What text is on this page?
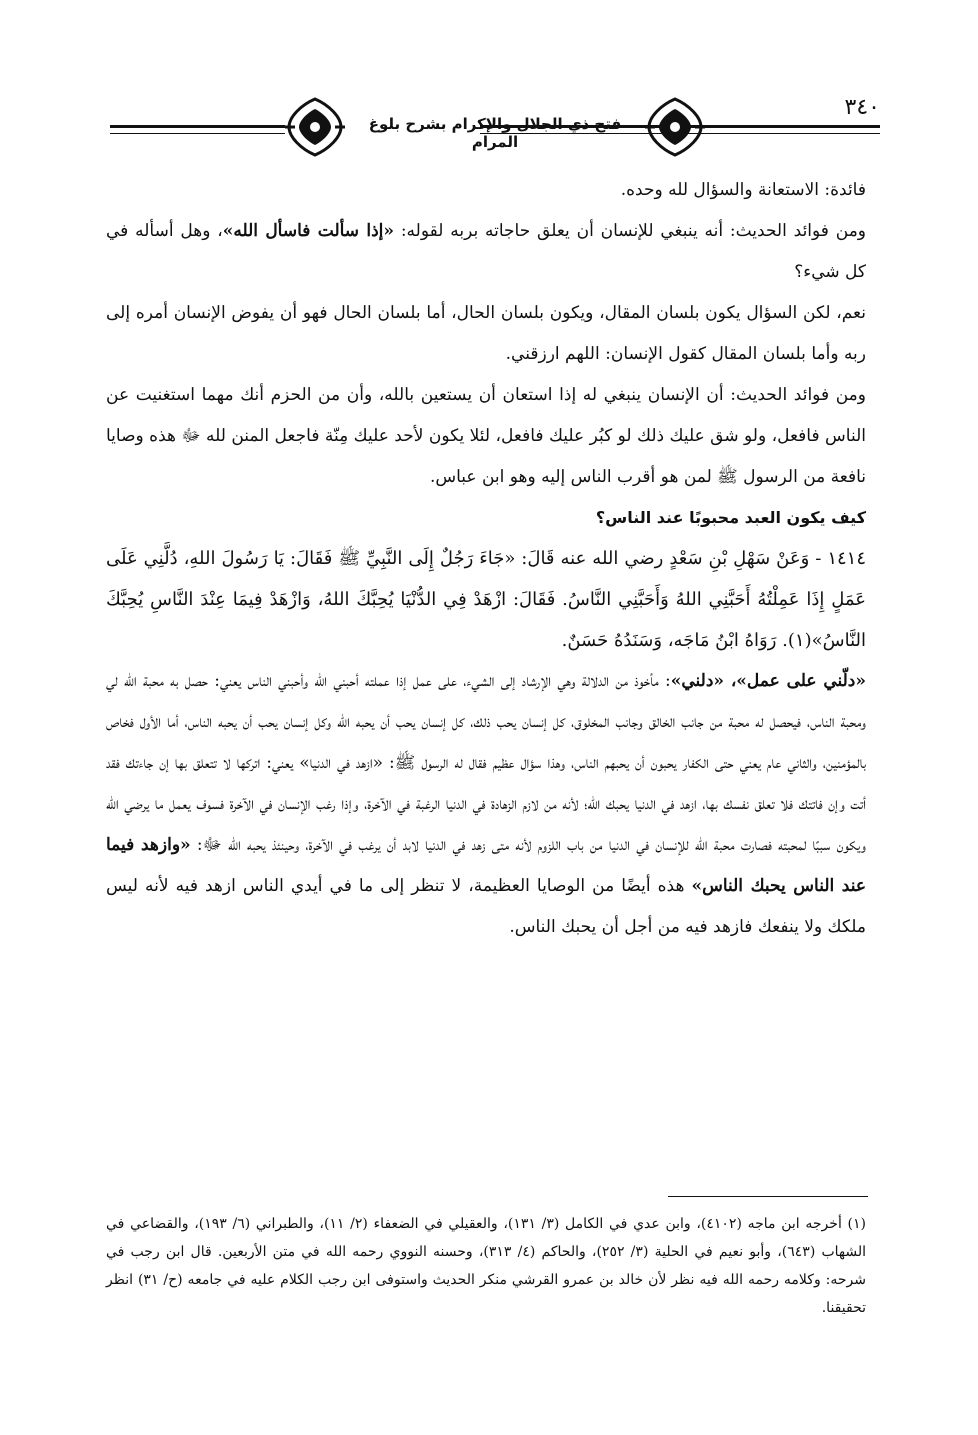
فتح ذي الجلال والإكرام بشرح بلوغ المرام
٣٤٠

فائدة: الاستعانة والسؤال لله وحده.

ومن فوائد الحديث: أنه ينبغي للإنسان أن يعلق حاجاته بربه لقوله: «إذا سألت فاسأل الله»، وهل أسأله في كل شيء؟

نعم، لكن السؤال يكون بلسان المقال، ويكون بلسان الحال، أما بلسان الحال فهو أن يفوض الإنسان أمره إلى ربه وأما بلسان المقال كقول الإنسان: اللهم ارزقني.

ومن فوائد الحديث: أن الإنسان ينبغي له إذا استعان أن يستعين بالله، وأن من الحزم أنك مهما استغنيت عن الناس فافعل، ولو شق عليك ذلك لو كبُر عليك فافعل، لئلا يكون لأحد عليك مِنّة فاجعل المنن لله ﷻ هذه وصايا نافعة من الرسول ﷺ لمن هو أقرب الناس إليه وهو ابن عباس.

كيف يكون العبد محبوبًا عند الناس؟

١٤١٤ - وَعَنْ سَهْلِ بْنِ سَعْدٍ رضي الله عنه قَالَ: «جَاءَ رَجُلٌ إِلَى النَّبِيِّ ﷺ فَقَالَ: يَا رَسُولَ اللهِ، دُلَّنِي عَلَى عَمَلٍ إِذَا عَمِلْتُهُ أَحَبَّنِي اللهُ وَأَحَبَّنِي النَّاسُ. فَقَالَ: ازْهَدْ فِي الدُّنْيَا يُحِبَّكَ اللهُ، وَازْهَدْ فِيمَا عِنْدَ النَّاسِ يُحِبَّكَ النَّاسُ»(١). رَوَاهُ ابْنُ مَاجَه، وَسَنَدُهُ حَسَنٌ.

«دلّني على عمل»، «دلني»: مأخوذ من الدلالة وهي الإرشاد إلى الشيء، على عمل إذا عملته أحبني الله وأحبني الناس يعني: حصل به محبة الله لي ومحبة الناس، فيحصل له محبة من جانب الخالق وجانب المخلوق، كل إنسان يحب ذلك، كل إنسان يحب أن يحبه الله وكل إنسان يحب أن يحبه الناس، أما الأول فخاص بالمؤمنين، والثاني عام يعني حتى الكفار يحبون أن يحبهم الناس، وهذا سؤال عظيم فقال له الرسول ﷺ: «ازهد في الدنيا» يعني: اتركها لا تتعلق بها إن جاءتك فقد أتت وإن فاتتك فلا تعلق نفسك بها، ازهد في الدنيا يحبك الله؛ لأنه من لازم الزهادة في الدنيا الرغبة في الآخرة، وإذا رغب الإنسان في الآخرة فسوف يعمل ما يرضي الله ويكون سببًا لمحبته فصارت محبة الله للإنسان في الدنيا من باب اللزوم لأنه متى زهد في الدنيا لابد أن يرغب في الآخرة، وحينئذ يحبه الله ﷻ: «وازهد فيما عند الناس يحبك الناس» هذه أيضًا من الوصايا العظيمة، لا تنظر إلى ما في أيدي الناس ازهد فيه لأنه ليس ملكك ولا ينفعك فازهد فيه من أجل أن يحبك الناس.

(١) أخرجه ابن ماجه (٤١٠٢)، وابن عدي في الكامل (٣/ ١٣١)، والعقيلي في الضعفاء (٢/ ١١)، والطبراني (٦/ ١٩٣)، والقضاعي في الشهاب (٦٤٣)، وأبو نعيم في الحلية (٣/ ٢٥٢)، والحاكم (٤/ ٣١٣)، وحسنه النووي رحمه الله في متن الأربعين. قال ابن رجب في شرحه: وكلامه رحمه الله فيه نظر لأن خالد بن عمرو القرشي منكر الحديث واستوفى ابن رجب الكلام عليه في جامعه (ح/ ٣١) انظر تحقيقنا.
